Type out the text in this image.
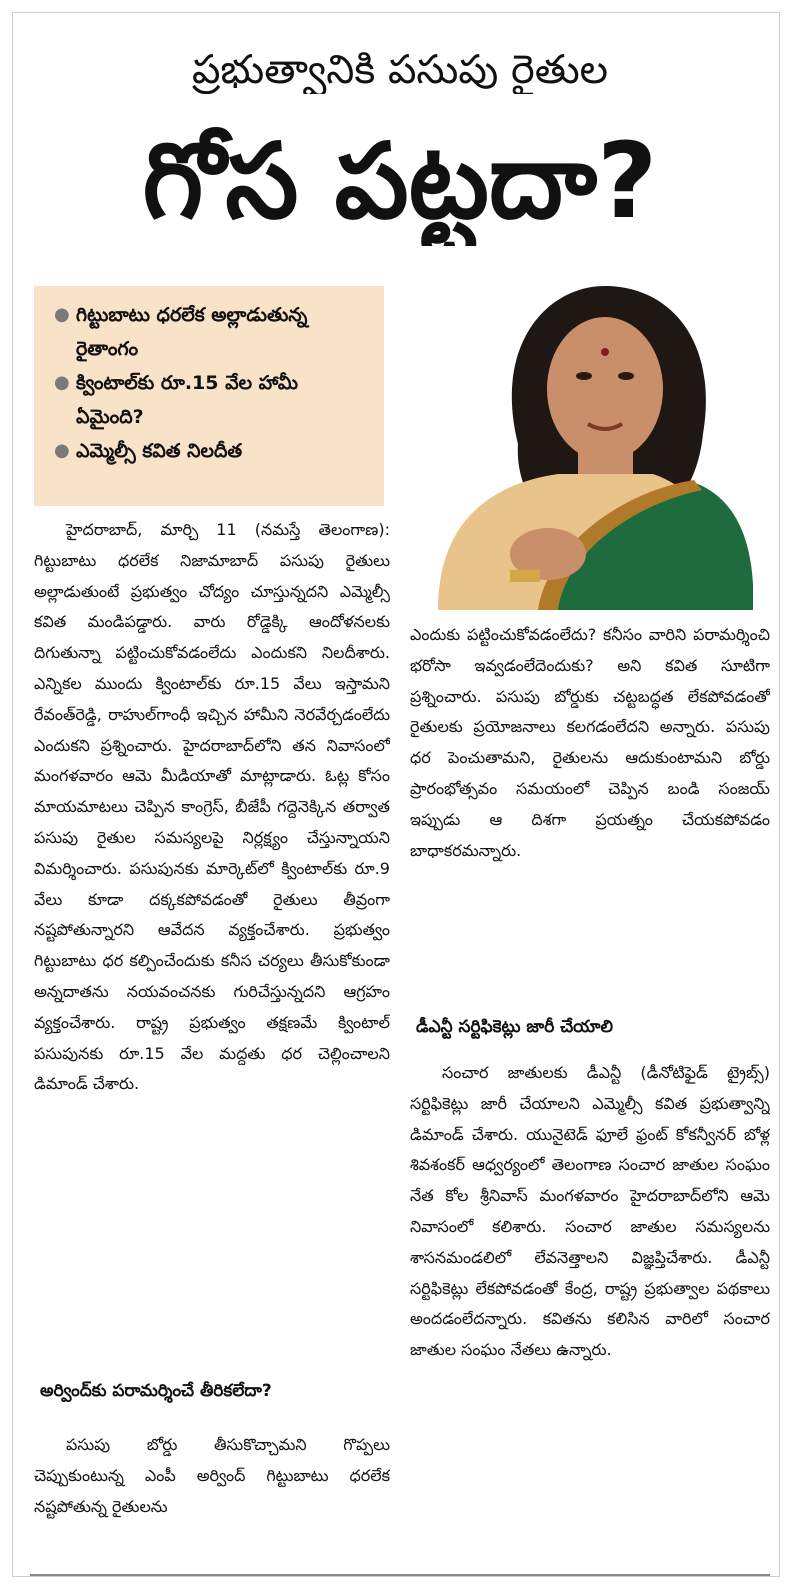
ప్రభుత్వానికి పసుపు రైతుల
గోస పట్టదా?
● గిట్టుబాటు ధరలేక అల్లాడుతున్న రైతాంగం
● క్వింటాల్‌కు రూ.15 వేల హామీ ఏమైంది?
● ఎమ్మెల్సీ కవిత నిలదీత

హైదరాబాద్‌, మార్చి 11 (నమస్తే తెలంగాణ): గిట్టుబాటు ధరలేక నిజామాబాద్‌ పసుపు రైతులు అల్లాడుతుంటే ప్రభుత్వం చోద్యం చూస్తున్నదని ఎమ్మెల్సీ కవిత మండిపడ్డారు. వారు రోడ్డెక్కి ఆందోళనలకు దిగుతున్నా పట్టించుకోవడంలేదు ఎందుకని నిలదీశారు. ఎన్నికల ముందు క్వింటాల్‌కు రూ.15 వేలు ఇస్తామని రేవంత్‌రెడ్డి, రాహుల్‌గాంధీ ఇచ్చిన హామీని నెరవేర్చడంలేదు ఎందుకని ప్రశ్నించారు. హైదరాబాద్‌లోని తన నివాసంలో మంగళవారం ఆమె మీడియాతో మాట్లాడారు. ఓట్ల కోసం మాయమాటలు చెప్పిన కాంగ్రెస్‌, బీజేపీ గద్దెనెక్కిన తర్వాత పసుపు రైతుల సమస్యలపై నిర్లక్ష్యం చేస్తున్నాయని విమర్శించారు. పసుపునకు మార్కెట్‌లో క్వింటాల్‌కు రూ.9 వేలు కూడా దక్కకపోవడంతో రైతులు తీవ్రంగా నష్టపోతున్నారని ఆవేదన వ్యక్తంచేశారు. ప్రభుత్వం గిట్టుబాటు ధర కల్పించేందుకు కనీస చర్యలు తీసుకోకుండా అన్నదాతను నయవంచనకు గురిచేస్తున్నదని ఆగ్రహం వ్యక్తంచేశారు. రాష్ట్ర ప్రభుత్వం తక్షణమే క్వింటాల్‌ పసుపునకు రూ.15 వేల మద్దతు ధర చెల్లించాలని డిమాండ్‌ చేశారు.

అర్వింద్‌కు పరామర్శించే తీరికలేదా?

పసుపు బోర్డు తీసుకొచ్చామని గొప్పలు చెప్పుకుంటున్న ఎంపీ అర్వింద్‌ గిట్టుబాటు ధరలేక నష్టపోతున్న రైతులను

ఎందుకు పట్టించుకోవడంలేదు? కనీసం వారిని పరామర్శించి భరోసా ఇవ్వడంలేదెందుకు? అని కవిత సూటిగా ప్రశ్నించారు. పసుపు బోర్డుకు చట్టబద్ధత లేకపోవడంతో రైతులకు ప్రయోజనాలు కలగడంలేదని అన్నారు. పసుపు ధర పెంచుతామని, రైతులను ఆదుకుంటామని బోర్డు ప్రారంభోత్సవం సమయంలో చెప్పిన బండి సంజయ్‌ ఇప్పుడు ఆ దిశగా ప్రయత్నం చేయకపోవడం బాధాకరమన్నారు.

డీఎన్టీ సర్టిఫికెట్లు జారీ చేయాలి

సంచార జాతులకు డీఎన్టీ (డీనోటిఫైడ్‌ ట్రైబ్స్‌) సర్టిఫికెట్లు జారీ చేయాలని ఎమ్మెల్సీ కవిత ప్రభుత్వాన్ని డిమాండ్‌ చేశారు. యునైటెడ్‌ ఫూలే ఫ్రంట్‌ కోకన్వీనర్‌ బోళ్ల శివశంకర్‌ ఆధ్వర్యంలో తెలంగాణ సంచార జాతుల సంఘం నేత కోల శ్రీనివాస్‌ మంగళవారం హైదరాబాద్‌లోని ఆమె నివాసంలో కలిశారు. సంచార జాతుల సమస్యలను శాసనమండలిలో లేవనెత్తాలని విజ్ఞప్తిచేశారు. డీఎన్టీ సర్టిఫికెట్లు లేకపోవడంతో కేంద్ర, రాష్ట్ర ప్రభుత్వాల పథకాలు అందడంలేదన్నారు. కవితను కలిసిన వారిలో సంచార జాతుల సంఘం నేతలు ఉన్నారు.
